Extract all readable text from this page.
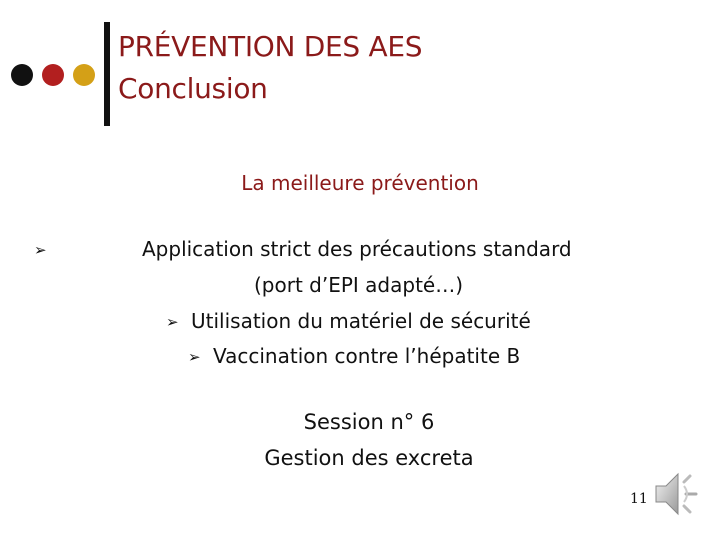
PRÉVENTION DES AES
Conclusion
La meilleure prévention
➢	Application strict des précautions standard
(port d’EPI adapté…)
➢ Utilisation du matériel de sécurité
➢ Vaccination contre l’hépatite B
Session n° 6
Gestion des excreta
11
